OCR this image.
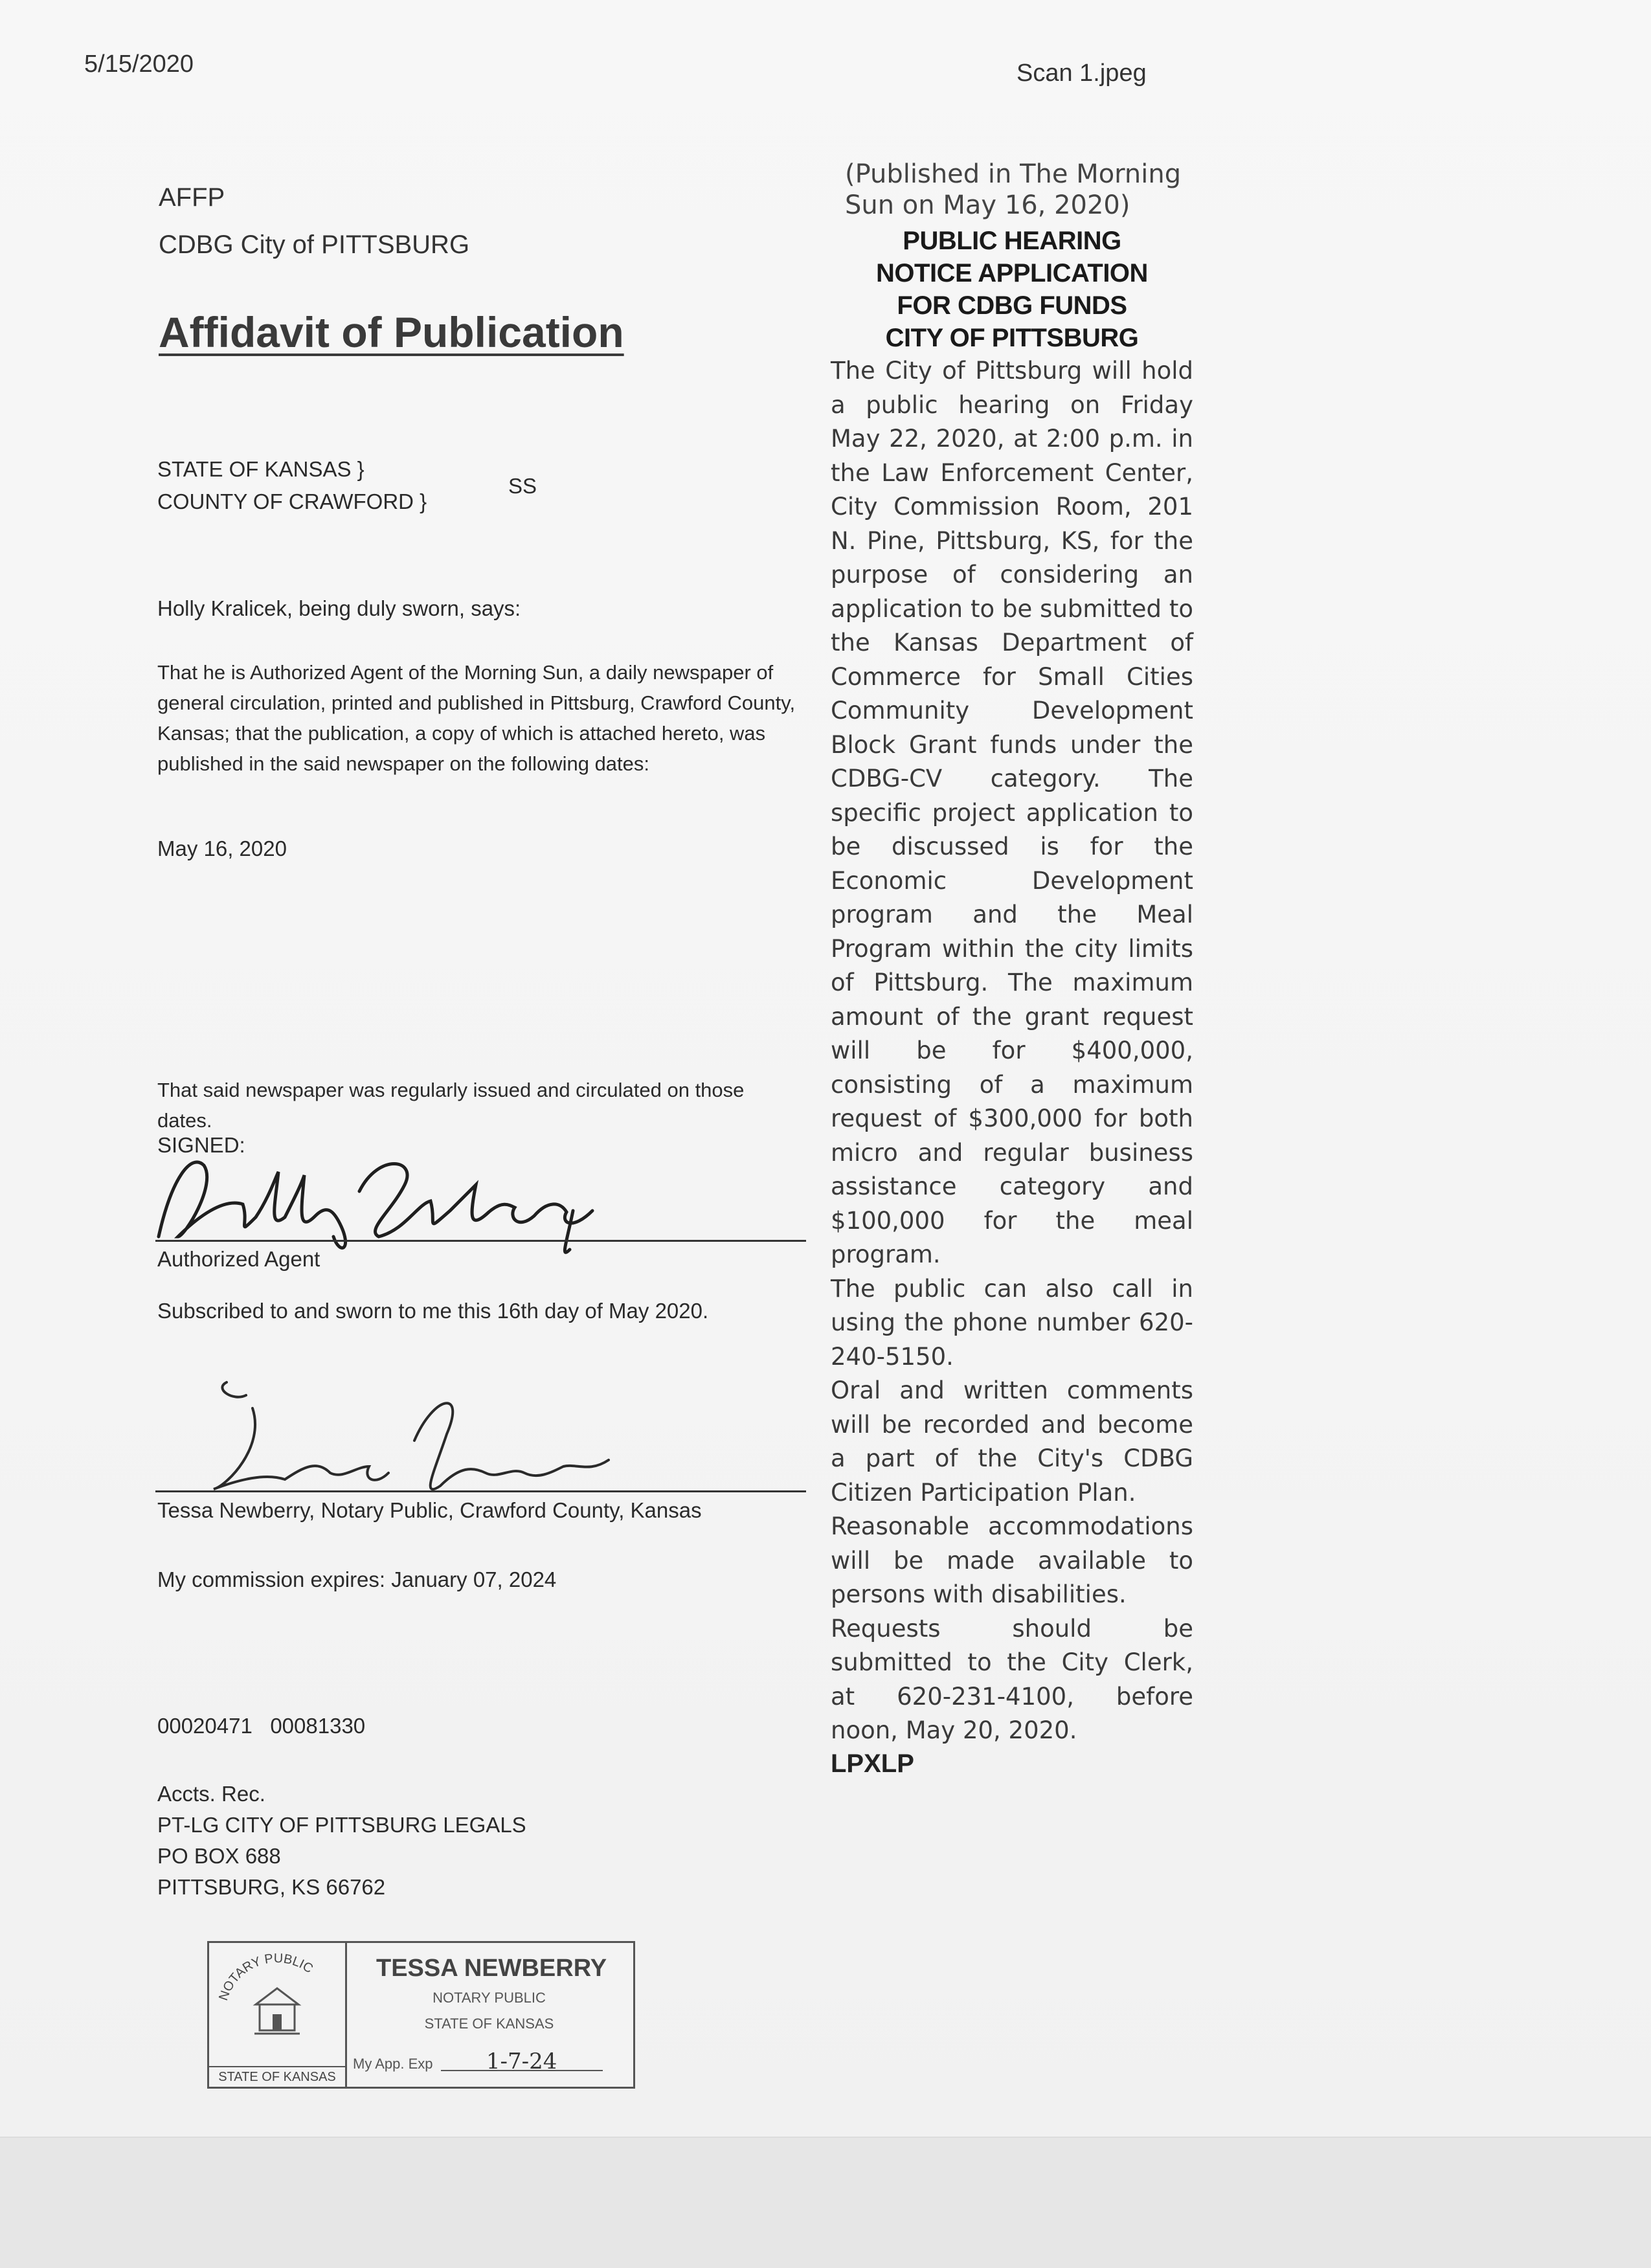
5/15/2020	Scan 1.jpeg
AFFP
CDBG City of PITTSBURG
Affidavit of Publication
STATE OF KANSAS }
COUNTY OF CRAWFORD }
SS
Holly Kralicek, being duly sworn, says:
That he is Authorized Agent of the Morning Sun, a daily newspaper of general circulation, printed and published in Pittsburg, Crawford County, Kansas; that the publication, a copy of which is attached hereto, was published in the said newspaper on the following dates:
May 16, 2020
That said newspaper was regularly issued and circulated on those dates.
SIGNED:
Authorized Agent
Subscribed to and sworn to me this 16th day of May 2020.
Tessa Newberry, Notary Public, Crawford County, Kansas
My commission expires: January 07, 2024
00020471   00081330
Accts. Rec.
PT-LG CITY OF PITTSBURG LEGALS
PO BOX 688
PITTSBURG, KS 66762
NOTARY PUBLIC
STATE OF KANSAS
TESSA NEWBERRY
NOTARY PUBLIC
STATE OF KANSAS
My App. Exp 1-7-24
(Published in The Morning Sun on May 16, 2020)
PUBLIC HEARING
NOTICE APPLICATION
FOR CDBG FUNDS
CITY OF PITTSBURG

The City of Pittsburg will hold a public hearing on Friday May 22, 2020, at 2:00 p.m. in the Law Enforcement Center, City Commission Room, 201 N. Pine, Pittsburg, KS, for the purpose of considering an application to be submitted to the Kansas Department of Commerce for Small Cities Community Development Block Grant funds under the CDBG-CV category. The specific project application to be discussed is for the Economic Development program and the Meal Program within the city limits of Pittsburg. The maximum amount of the grant request will be for $400,000, consisting of a maximum request of $300,000 for both micro and regular business assistance category and $100,000 for the meal program.

The public can also call in using the phone number 620-240-5150.

Oral and written comments will be recorded and become a part of the City's CDBG Citizen Participation Plan.

Reasonable accommodations will be made available to persons with disabilities.

Requests should be submitted to the City Clerk, at 620-231-4100, before noon, May 20, 2020.

LPXLP
